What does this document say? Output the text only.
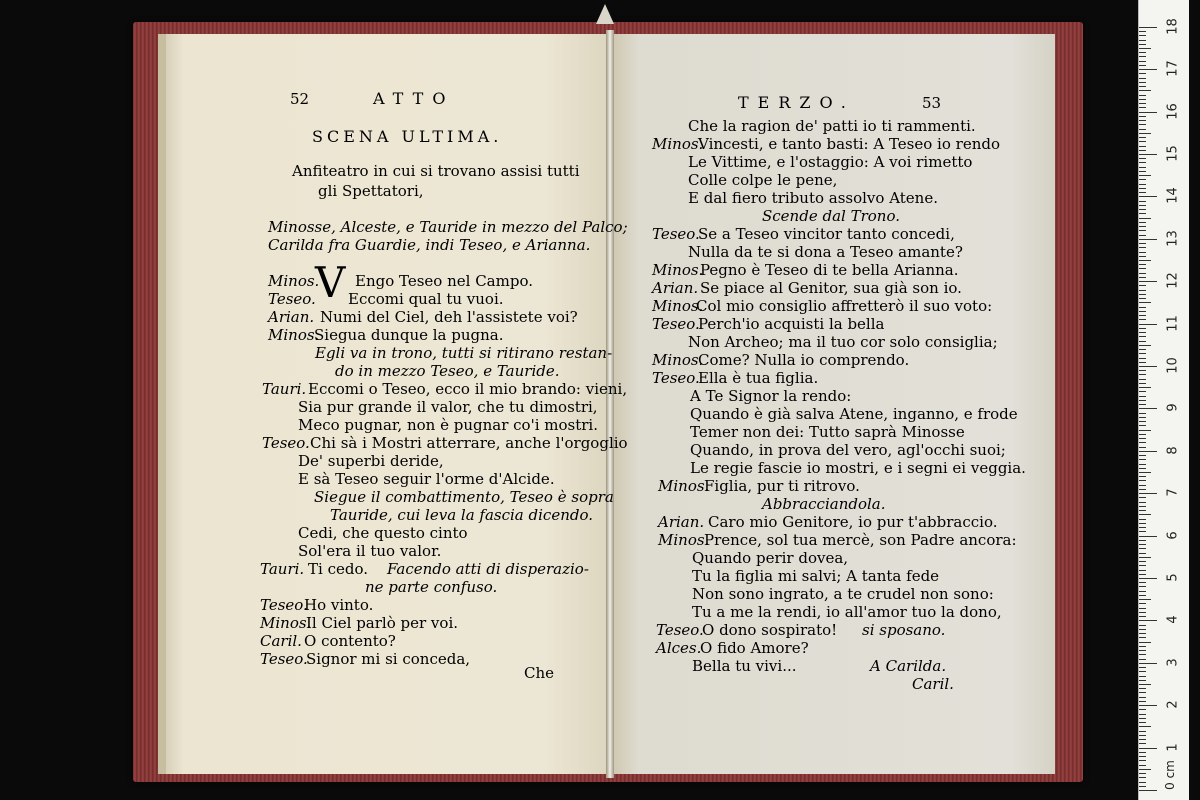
52	ATTO
SCENA ULTIMA.
Anfiteatro in cui si trovano assisi tutti
gli Spettatori,
Minosse, Alceste, e Tauride in mezzo del Palco;
Carilda fra Guardie, indi Teseo, e Arianna.
Minos.
V Engo Teseo nel Campo.
Teseo. Eccomi qual tu vuoi.
Arian. Numi del Ciel, deh l'assistete voi?
Minos.
Siegua dunque la pugna.
Egli va in trono, tutti si ritirano restan-
do in mezzo Teseo, e Tauride.
Tauri. Eccomi o Teseo, ecco il mio brando: vieni,
Sia pur grande il valor, che tu dimostri,
Meco pugnar, non è pugnar co'i mostri.
Teseo. Chi sà i Mostri atterrare, anche l'orgoglio
De' superbi deride,
E sà Teseo seguir l'orme d'Alcide.
Siegue il combattimento, Teseo è sopra
Tauride, cui leva la fascia dicendo.
Cedi, che questo cinto
Sol'era il tuo valor.
Tauri. Ti cedo. Facendo atti di disperazio-
ne parte confuso.
Teseo.
Ho vinto.
Minos.
Il Ciel parlò per voi.
Caril. O contento?
Teseo.
Signor mi si conceda,
Che
TERZO.	53
Che la ragion de' patti io ti rammenti.
Minos.
Vincesti, e tanto basti: A Teseo io rendo
Le Vittime, e l'ostaggio: A voi rimetto
Colle colpe le pene,
E dal fiero tributo assolvo Atene.
Scende dal Trono.
Teseo.
Se a Teseo vincitor tanto concedi,
Nulla da te si dona a Teseo amante?
Minos.
Pegno è Teseo di te bella Arianna.
Arian. Se piace al Genitor, sua già son io.
Minos.
Col mio consiglio affretterò il suo voto:
Teseo.
Perch'io acquisti la bella
Non Archeo; ma il tuo cor solo consiglia;
Minos.
Come? Nulla io comprendo.
Teseo.
Ella è tua figlia.
A Te Signor la rendo:
Quando è già salva Atene, inganno, e frode
Temer non dei: Tutto saprà Minosse
Quando, in prova del vero, agl'occhi suoi;
Le regie fascie io mostri, e i segni ei veggia.
Minos.
Figlia, pur ti ritrovo.
Abbracciandola.
Arian. Caro mio Genitore, io pur t'abbraccio.
Minos.
Prence, sol tua mercè, son Padre ancora:
Quando perir dovea,
Tu la figlia mi salvi; A tanta fede
Non sono ingrato, a te crudel non sono:
Tu a me la rendi, io all'amor tuo la dono,
Teseo.
O dono sospirato! si sposano.
Alces.
O fido Amore?
Bella tu vivi...	A Carilda.
Caril.
0 cm
1
2
3
4
5
6
7
8
9
10
11
12
13
14
15
16
17
18
